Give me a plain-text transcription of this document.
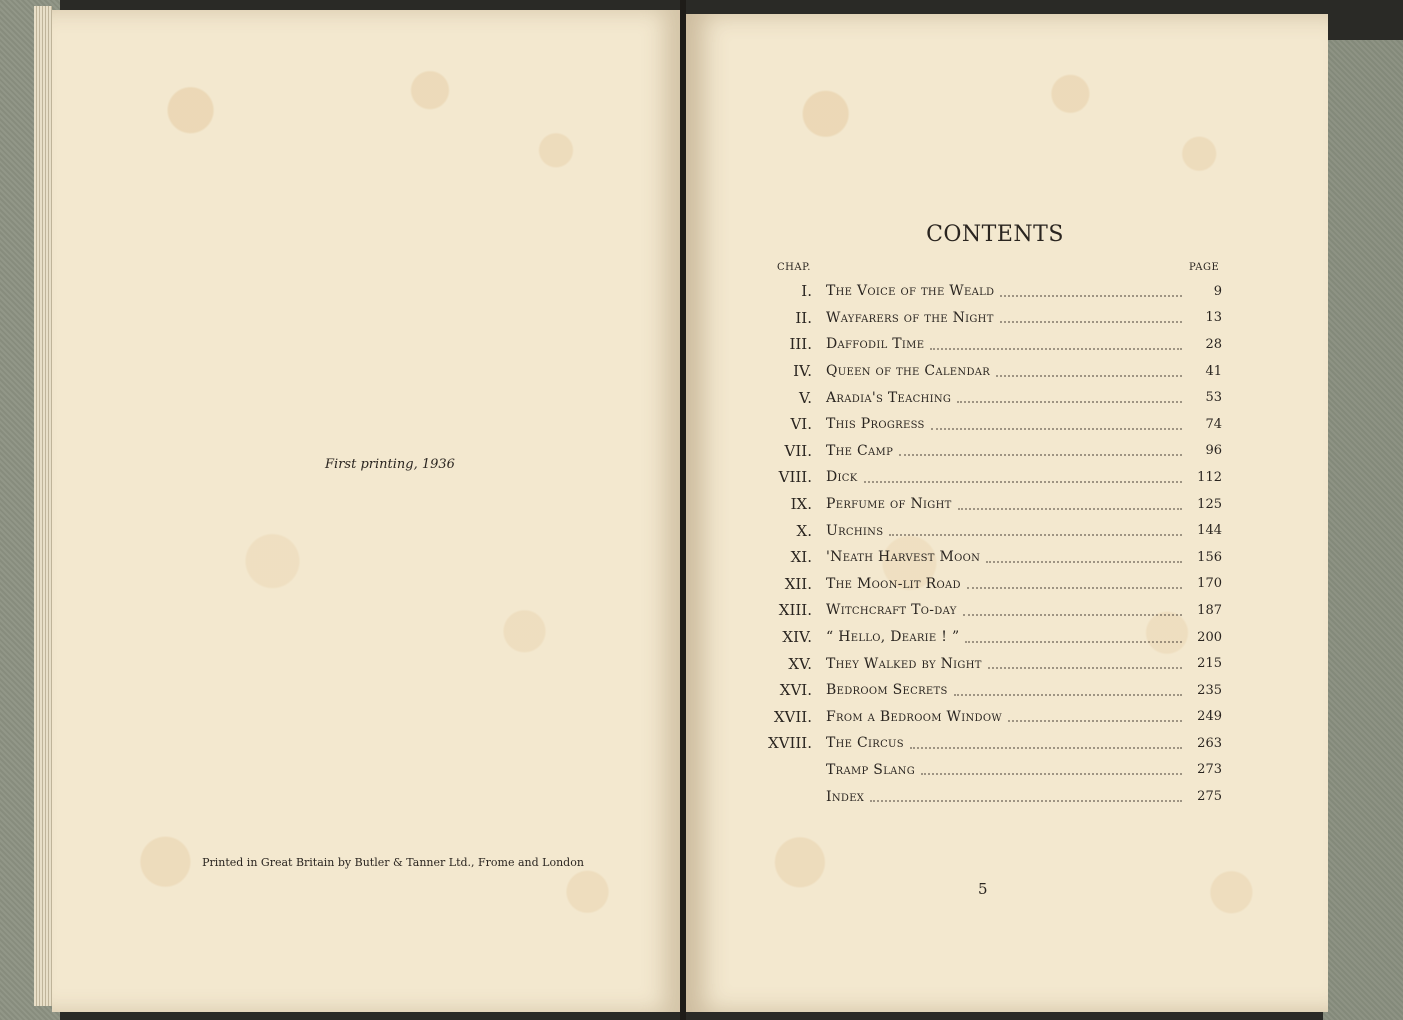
First printing, 1936
Printed in Great Britain by Butler & Tanner Ltd., Frome and London
CONTENTS
CHAP.	PAGE
I.	The Voice of the Weald	9
II.	Wayfarers of the Night	13
III.	Daffodil Time	28
IV.	Queen of the Calendar	41
V.	Aradia's Teaching	53
VI.	This Progress	74
VII.	The Camp	96
VIII.	Dick	112
IX.	Perfume of Night	125
X.	Urchins	144
XI.	'Neath Harvest Moon	156
XII.	The Moon-lit Road	170
XIII.	Witchcraft To-day	187
XIV.	“ Hello, Dearie ! ”	200
XV.	They Walked by Night	215
XVI.	Bedroom Secrets	235
XVII.	From a Bedroom Window	249
XVIII.	The Circus	263
Tramp Slang	273
Index	275
5
